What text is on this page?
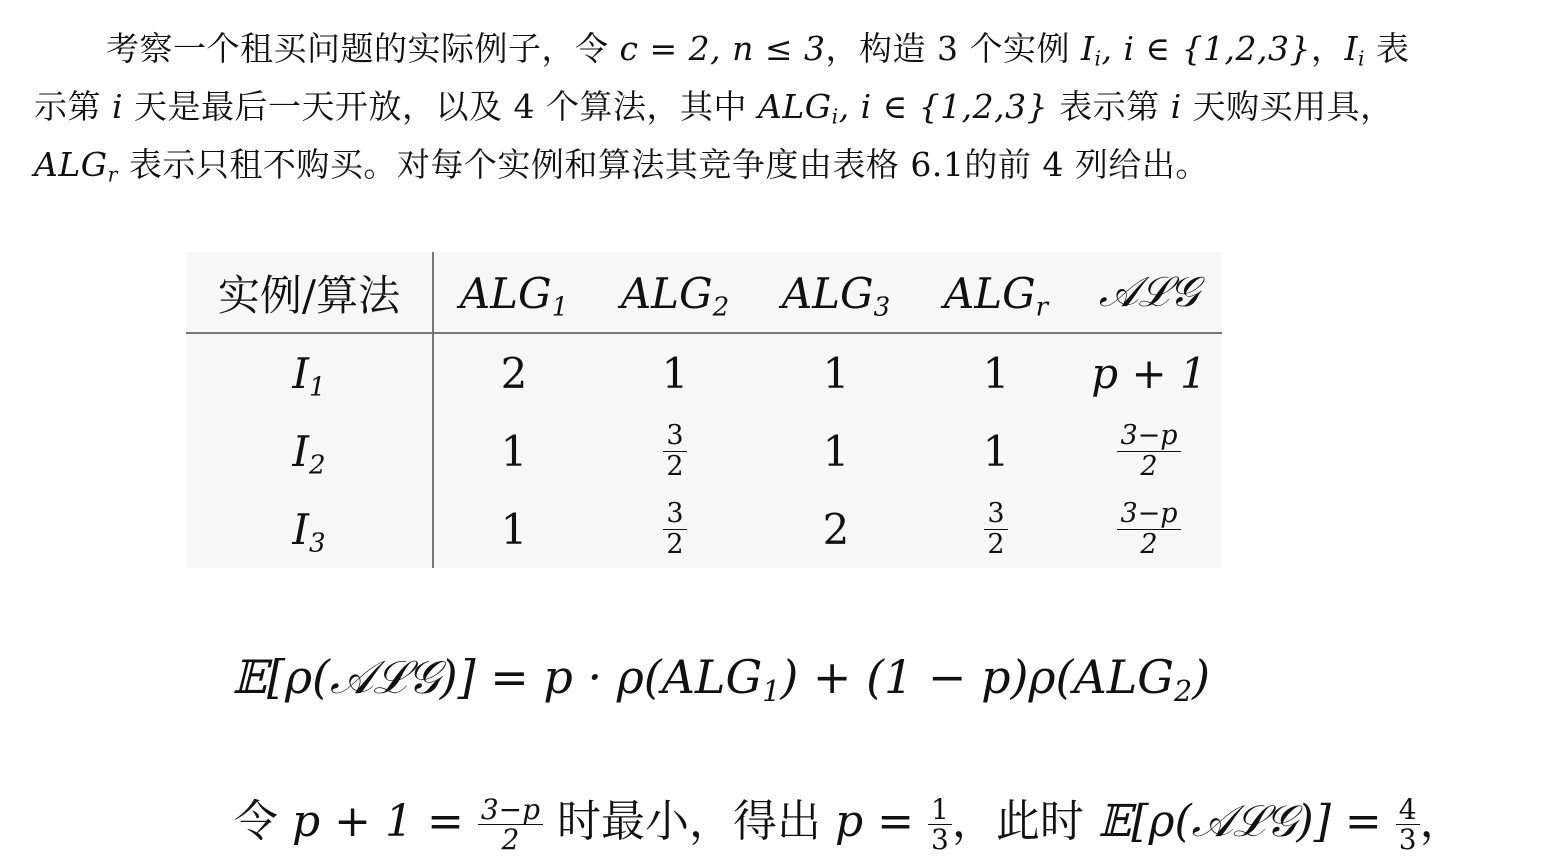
考察一个租买问题的实际例子，令 c = 2, n ≤ 3，构造 3 个实例 $I_i$, i ∈ {1,2,3}，$I_i$ 表
示第 i 天是最后一天开放，以及 4 个算法，其中 $ALG_i$, i ∈ {1,2,3} 表示第 i 天购买用具，
$ALG_r$ 表示只租不购买。对每个实例和算法其竞争度由表格 6.1的前 4 列给出。
实例/算法	$ALG_1$	$ALG_2$	$ALG_3$	$ALG_r$	𝒜ℒ𝒢
$I_1$	2	1	1	1	p + 1
$I_2$	1	$\frac{3}{2}$	1	1	$\frac{3-p}{2}$

$I_3$	1	$\frac{3}{2}$	2	$\frac{3}{2}$	$\frac{3-p}{2}$
𝔼[ρ(𝒜ℒ𝒢)] = $p \cdot \rho(ALG_1) + (1 - p)\rho(ALG_2)$
令 $p + 1 = \frac{3-p}{2}$ 时最小，得出 $p = \frac{1}{3}$ ，此时 𝔼[ρ(𝒜ℒ𝒢)] = $\frac{4}{3}$ ，
